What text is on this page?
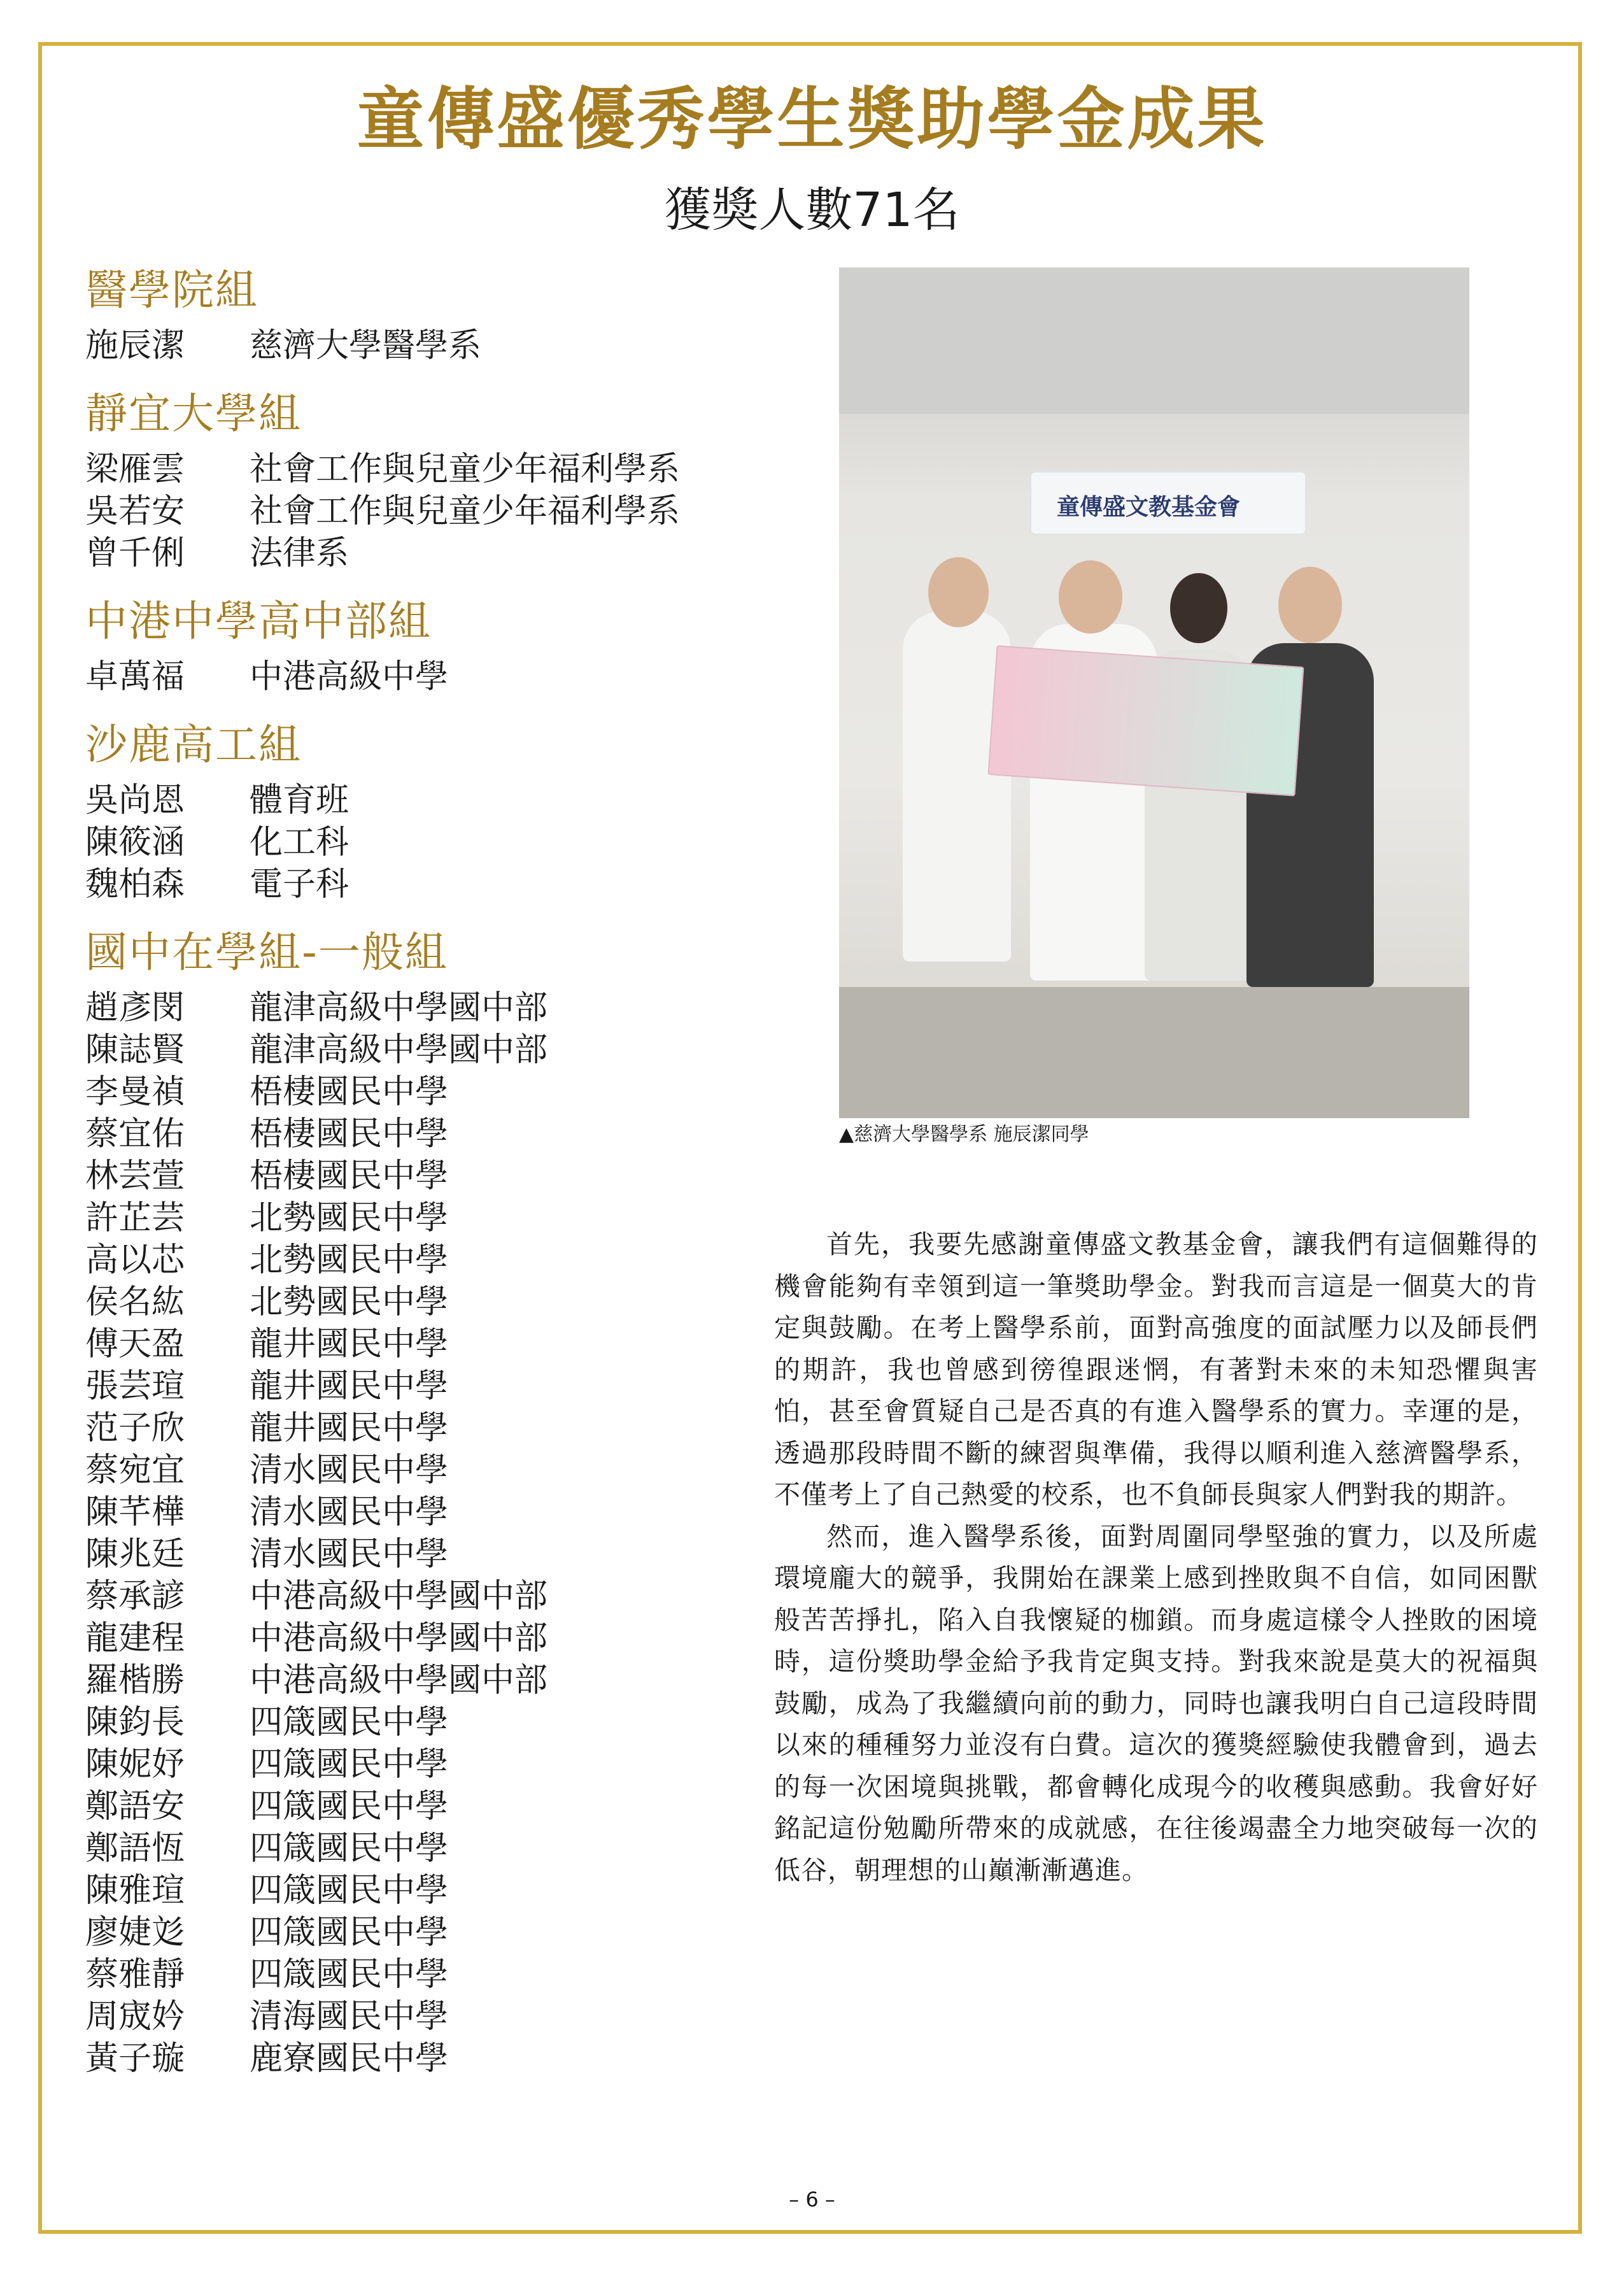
童傳盛優秀學生獎助學金成果
獲獎人數71名
醫學院組
施辰潔	慈濟大學醫學系
靜宜大學組
梁雁雲	社會工作與兒童少年福利學系
吳若安	社會工作與兒童少年福利學系
曾千俐	法律系
中港中學高中部組
卓萬福	中港高級中學
沙鹿高工組
吳尚恩	體育班
陳筱涵	化工科
魏柏森	電子科
國中在學組-一般組
趙彥閔	龍津高級中學國中部
陳誌賢	龍津高級中學國中部
李曼禎	梧棲國民中學
蔡宜佑	梧棲國民中學
林芸萱	梧棲國民中學
許芷芸	北勢國民中學
高以芯	北勢國民中學
侯名紘	北勢國民中學
傅天盈	龍井國民中學
張芸瑄	龍井國民中學
范子欣	龍井國民中學
蔡宛宜	清水國民中學
陳芊樺	清水國民中學
陳兆廷	清水國民中學
蔡承諺	中港高級中學國中部
龍建程	中港高級中學國中部
羅楷勝	中港高級中學國中部
陳鈞長	四箴國民中學
陳妮妤	四箴國民中學
鄭語安	四箴國民中學
鄭語恆	四箴國民中學
陳雅瑄	四箴國民中學
廖婕彣	四箴國民中學
蔡雅靜	四箴國民中學
周宬妗	清海國民中學
黃子璇	鹿寮國民中學
童傳盛文教基金會
▲慈濟大學醫學系 施辰潔同學

首先，我要先感謝童傳盛文教基金會，讓我們有這個難得的機會能夠有幸領到這一筆獎助學金。對我而言這是一個莫大的肯定與鼓勵。在考上醫學系前，面對高強度的面試壓力以及師長們的期許，我也曾感到徬徨跟迷惘，有著對未來的未知恐懼與害怕，甚至會質疑自己是否真的有進入醫學系的實力。幸運的是，透過那段時間不斷的練習與準備，我得以順利進入慈濟醫學系，不僅考上了自己熱愛的校系，也不負師長與家人們對我的期許。

然而，進入醫學系後，面對周圍同學堅強的實力，以及所處環境龐大的競爭，我開始在課業上感到挫敗與不自信，如同困獸般苦苦掙扎，陷入自我懷疑的枷鎖。而身處這樣令人挫敗的困境時，這份獎助學金給予我肯定與支持。對我來說是莫大的祝福與鼓勵，成為了我繼續向前的動力，同時也讓我明白自己這段時間以來的種種努力並沒有白費。這次的獲獎經驗使我體會到，過去的每一次困境與挑戰，都會轉化成現今的收穫與感動。我會好好銘記這份勉勵所帶來的成就感，在往後竭盡全力地突破每一次的低谷，朝理想的山巔漸漸邁進。

– 6 –
